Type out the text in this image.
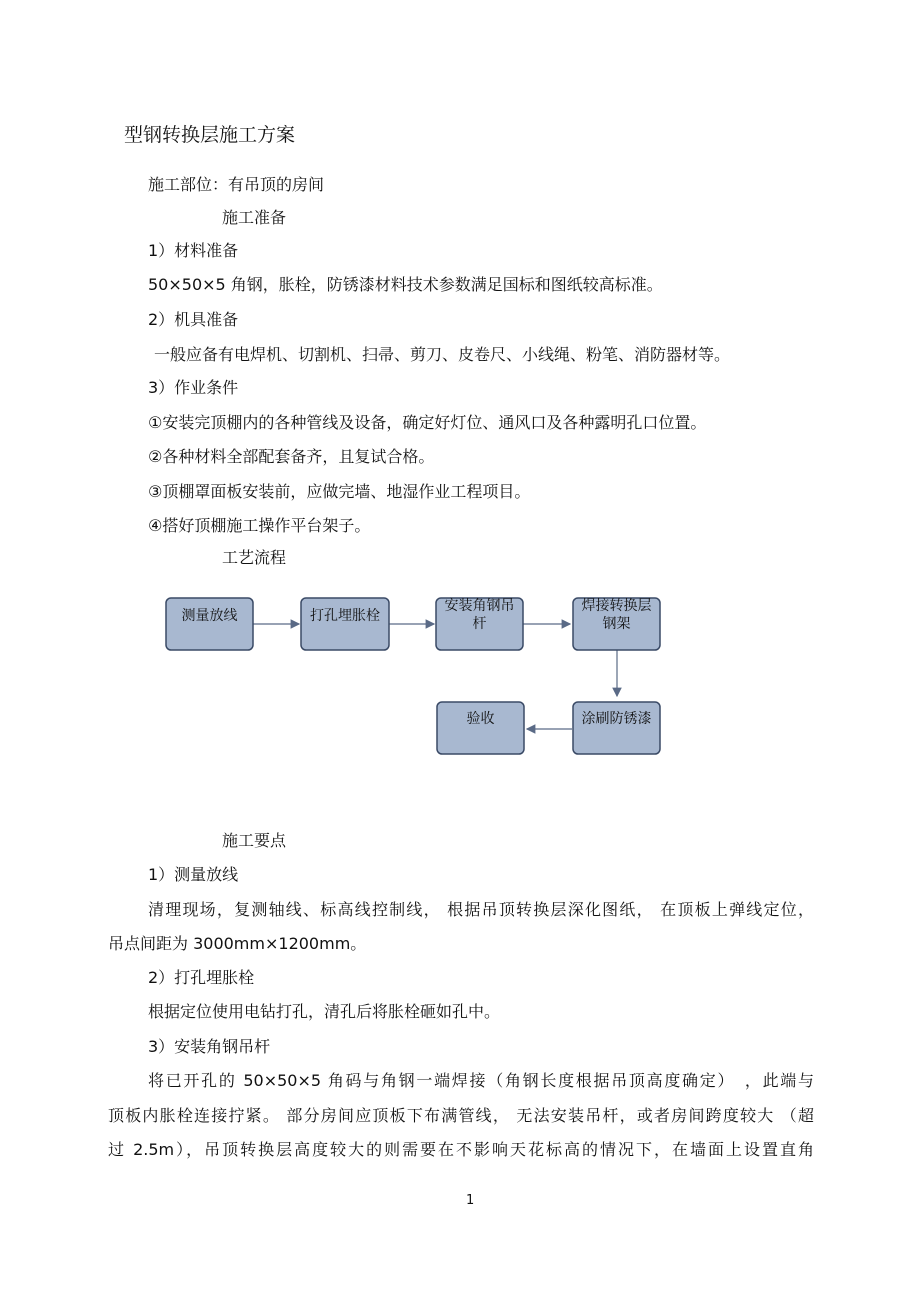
型钢转换层施工方案
施工部位：有吊顶的房间
施工准备
1）材料准备
50×50×5 角钢，胀栓，防锈漆材料技术参数满足国标和图纸较高标准。
2）机具准备
一般应备有电焊机、切割机、扫帚、剪刀、皮卷尺、小线绳、粉笔、消防器材等。
3）作业条件
①安装完顶棚内的各种管线及设备，确定好灯位、通风口及各种露明孔口位置。
②各种材料全部配套备齐，且复试合格。
③顶棚罩面板安装前，应做完墙、地湿作业工程项目。
④搭好顶棚施工操作平台架子。
工艺流程
测量放线	打孔埋胀栓
安装角钢吊
杆
焊接转换层
钢架
涂刷防锈漆
验收
施工要点
1）测量放线
清理现场，复测轴线、标高线控制线， 根据吊顶转换层深化图纸， 在顶板上弹线定位，
吊点间距为 3000mm×1200mm。
2）打孔埋胀栓
根据定位使用电钻打孔，清孔后将胀栓砸如孔中。
3）安装角钢吊杆
将已开孔的 50×50×5 角码与角钢一端焊接（角钢长度根据吊顶高度确定）　，此端与
顶板内胀栓连接拧紧。 部分房间应顶板下布满管线， 无法安装吊杆，或者房间跨度较大 （超
过 2.5m），吊顶转换层高度较大的则需要在不影响天花标高的情况下，在墙面上设置直角
1
